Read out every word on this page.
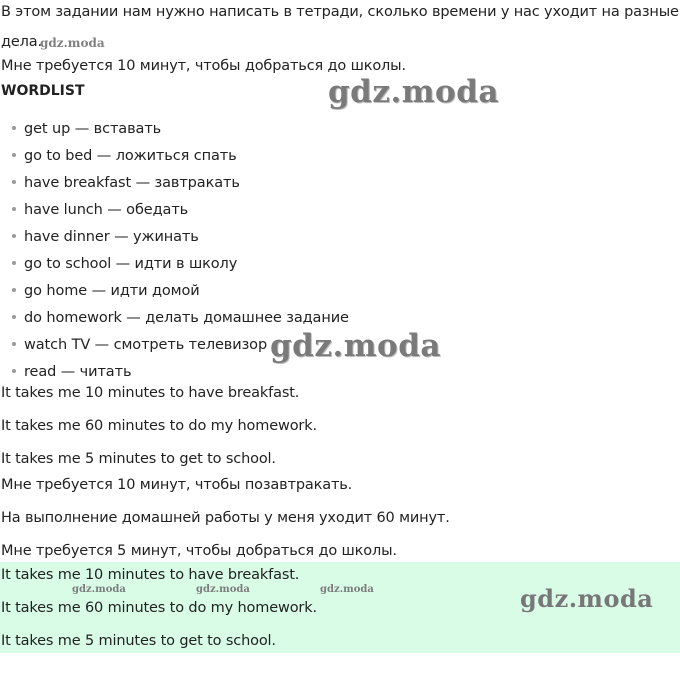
В этом задании нам нужно написать в тетради, сколько времени у нас уходит на разные
дела.
Мне требуется 10 минут, чтобы добраться до школы.
WORDLIST
get up — вставать
go to bed — ложиться спать
have breakfast — завтракать
have lunch — обедать
have dinner — ужинать
go to school — идти в школу
go home — идти домой
do homework — делать домашнее задание
watch TV — смотреть телевизор
read — читать
It takes me 10 minutes to have breakfast.
It takes me 60 minutes to do my homework.
It takes me 5 minutes to get to school.
Мне требуется 10 минут, чтобы позавтракать.
На выполнение домашней работы у меня уходит 60 минут.
Мне требуется 5 минут, чтобы добраться до школы.
It takes me 10 minutes to have breakfast.
It takes me 60 minutes to do my homework.
It takes me 5 minutes to get to school.
gdz.moda
gdz.moda
gdz.moda
gdz.moda	gdz.moda	gdz.moda	gdz.moda
